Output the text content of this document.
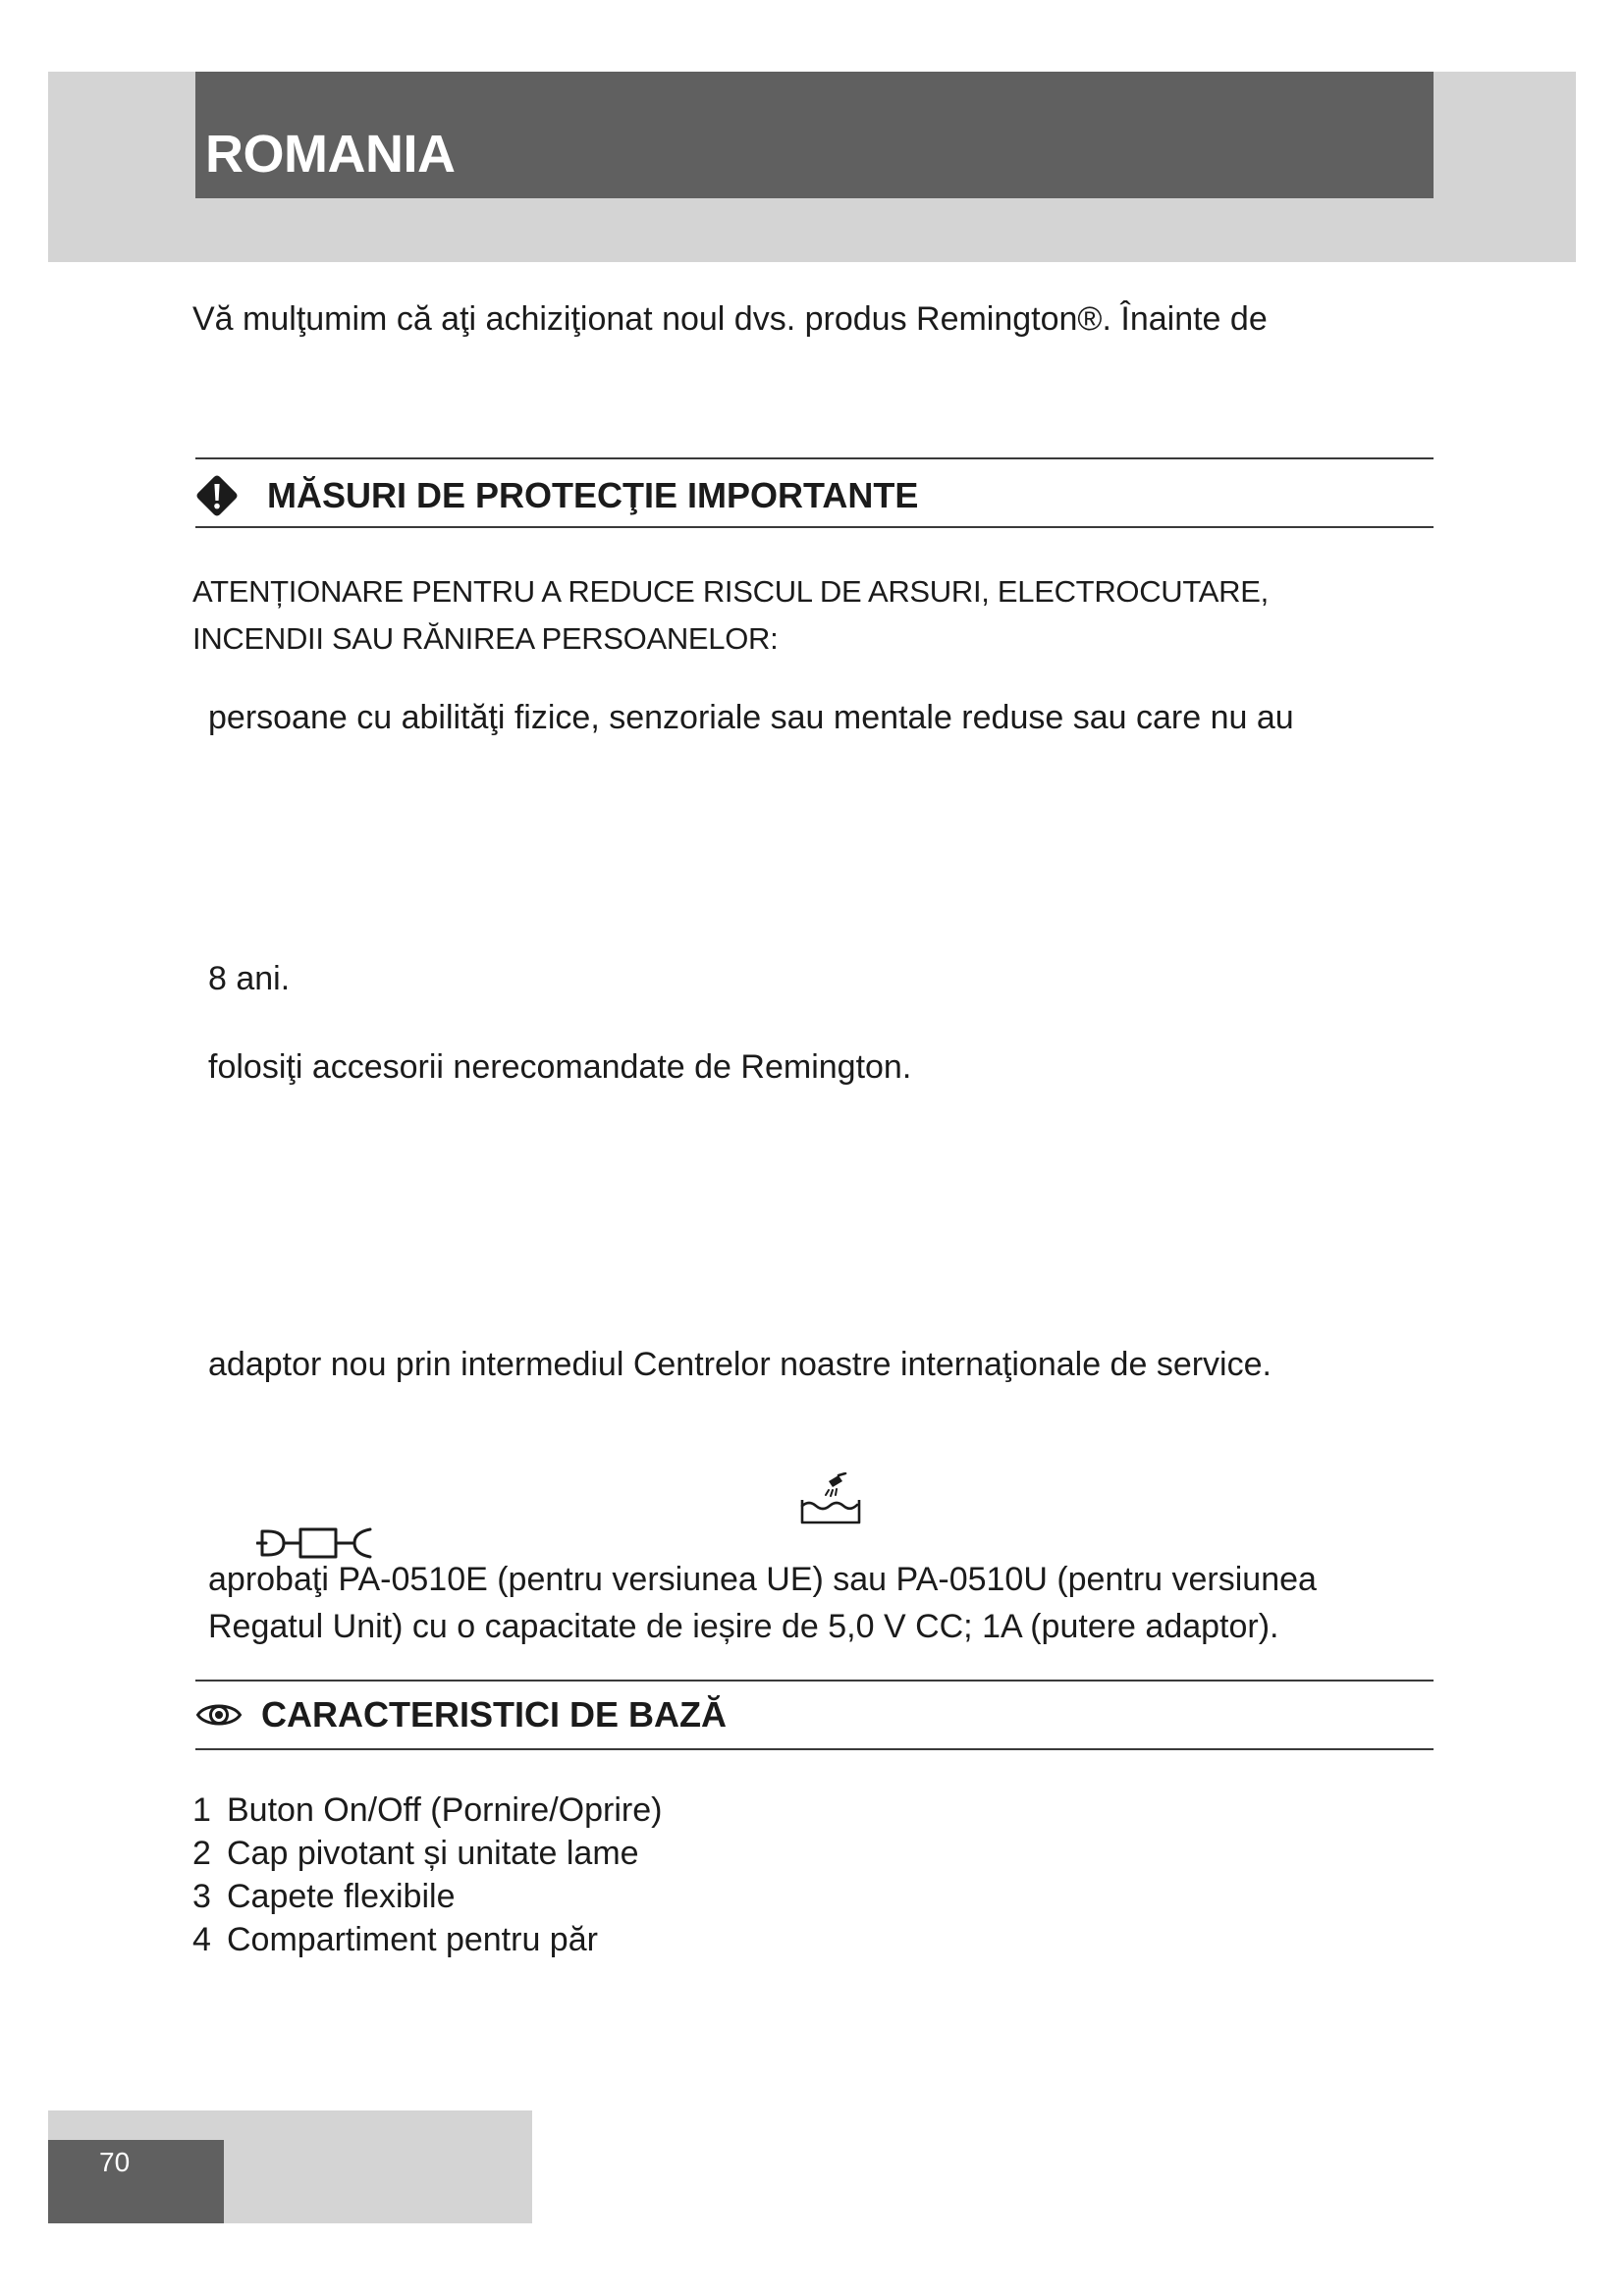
ROMANIA

Vă mulţumim că aţi achiziţionat noul dvs. produs Remington®. Înainte de

MĂSURI DE PROTECŢIE IMPORTANTE

ATENȚIONARE PENTRU A REDUCE RISCUL DE ARSURI, ELECTROCUTARE,

INCENDII SAU RĂNIREA PERSOANELOR:

persoane cu abilităţi fizice, senzoriale sau mentale reduse sau care nu au

8 ani.

folosiţi accesorii nerecomandate de Remington.

adaptor nou prin intermediul Centrelor noastre internaţionale de service.

aprobaţi PA-0510E (pentru versiunea UE) sau PA-0510U (pentru versiunea

Regatul Unit) cu o capacitate de ieșire de 5,0 V CC; 1A (putere adaptor).

CARACTERISTICI DE BAZĂ
1 Buton On/Off (Pornire/Oprire)
2 Cap pivotant și unitate lame
3 Capete flexibile
4 Compartiment pentru păr
70
